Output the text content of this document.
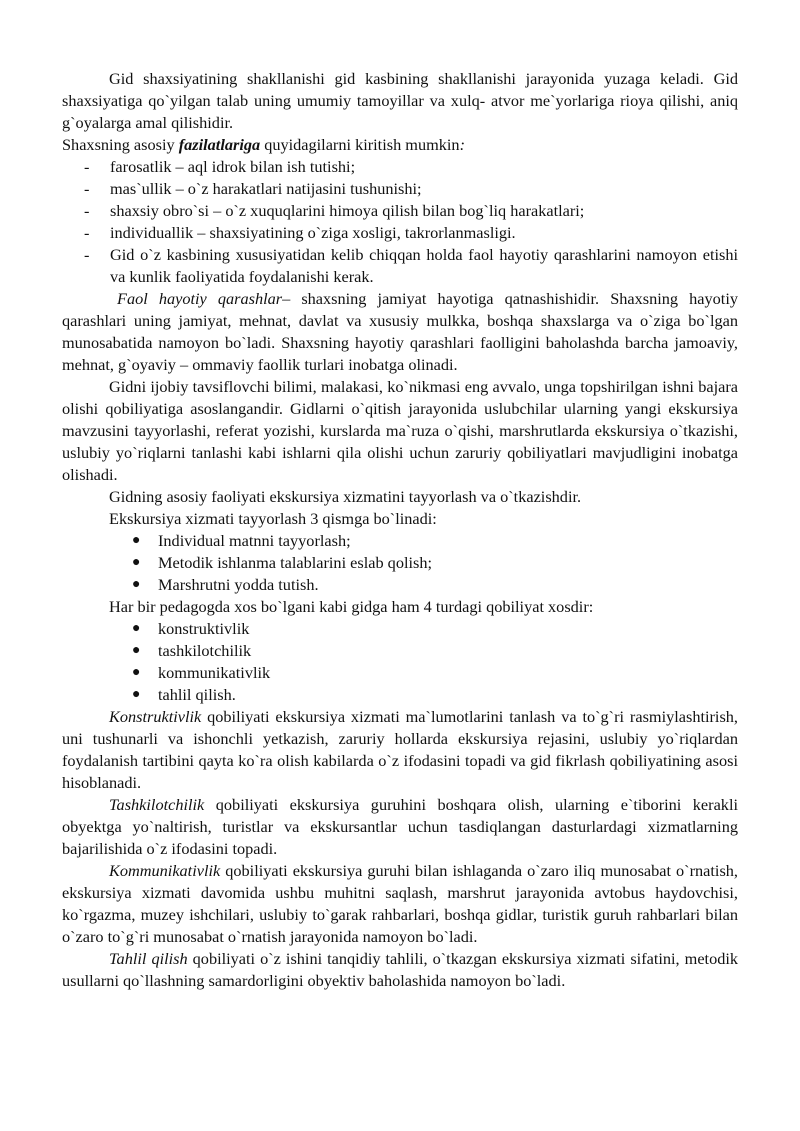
Gid shaxsiyatining shakllanishi gid kasbining shakllanishi jarayonida yuzaga keladi. Gid shaxsiyatiga qo`yilgan talab uning umumiy tamoyillar va xulq- atvor me`yorlariga rioya qilishi, aniq g`oyalarga amal qilishidir.

Shaxsning asosiy fazilatlariga quyidagilarni kiritish mumkin:

- farosatlik – aql idrok bilan ish tutishi;
- mas`ullik – o`z harakatlari natijasini tushunishi;
- shaxsiy obro`si – o`z xuquqlarini himoya qilish bilan bog`liq harakatlari;
- individuallik – shaxsiyatining o`ziga xosligi, takrorlanmasligi.
- Gid o`z kasbining xususiyatidan kelib chiqqan holda faol hayotiy qarashlarini namoyon etishi va kunlik faoliyatida foydalanishi kerak.

Faol hayotiy qarashlar– shaxsning jamiyat hayotiga qatnashishidir. Shaxsning hayotiy qarashlari uning jamiyat, mehnat, davlat va xususiy mulkka, boshqa shaxslarga va o`ziga bo`lgan munosabatida namoyon bo`ladi. Shaxsning hayotiy qarashlari faolligini baholashda barcha jamoaviy, mehnat, g`oyaviy – ommaviy faollik turlari inobatga olinadi.

Gidni ijobiy tavsiflovchi bilimi, malakasi, ko`nikmasi eng avvalo, unga topshirilgan ishni bajara olishi qobiliyatiga asoslangandir. Gidlarni o`qitish jarayonida uslubchilar ularning yangi ekskursiya mavzusini tayyorlashi, referat yozishi, kurslarda ma`ruza o`qishi, marshrutlarda ekskursiya o`tkazishi, uslubiy yo`riqlarni tanlashi kabi ishlarni qila olishi uchun zaruriy qobiliyatlari mavjudligini inobatga olishadi.

Gidning asosiy faoliyati ekskursiya xizmatini tayyorlash va o`tkazishdir.

Ekskursiya xizmati tayyorlash 3 qismga bo`linadi:

● Individual matnni tayyorlash;
● Metodik ishlanma talablarini eslab qolish;
● Marshrutni yodda tutish.

Har bir pedagogda xos bo`lgani kabi gidga ham 4 turdagi qobiliyat xosdir:

● konstruktivlik
● tashkilotchilik
● kommunikativlik
● tahlil qilish.

Konstruktivlik qobiliyati ekskursiya xizmati ma`lumotlarini tanlash va to`g`ri rasmiylashtirish, uni tushunarli va ishonchli yetkazish, zaruriy hollarda ekskursiya rejasini, uslubiy yo`riqlardan foydalanish tartibini qayta ko`ra olish kabilarda o`z ifodasini topadi va gid fikrlash qobiliyatining asosi hisoblanadi.

Tashkilotchilik qobiliyati ekskursiya guruhini boshqara olish, ularning e`tiborini kerakli obyektga yo`naltirish, turistlar va ekskursantlar uchun tasdiqlangan dasturlardagi xizmatlarning bajarilishida o`z ifodasini topadi.

Kommunikativlik qobiliyati ekskursiya guruhi bilan ishlaganda o`zaro iliq munosabat o`rnatish, ekskursiya xizmati davomida ushbu muhitni saqlash, marshrut jarayonida avtobus haydovchisi, ko`rgazma, muzey ishchilari, uslubiy to`garak rahbarlari, boshqa gidlar, turistik guruh rahbarlari bilan o`zaro to`g`ri munosabat o`rnatish jarayonida namoyon bo`ladi.

Tahlil qilish qobiliyati o`z ishini tanqidiy tahlili, o`tkazgan ekskursiya xizmati sifatini, metodik usullarni qo`llashning samardorligini obyektiv baholashida namoyon bo`ladi.
